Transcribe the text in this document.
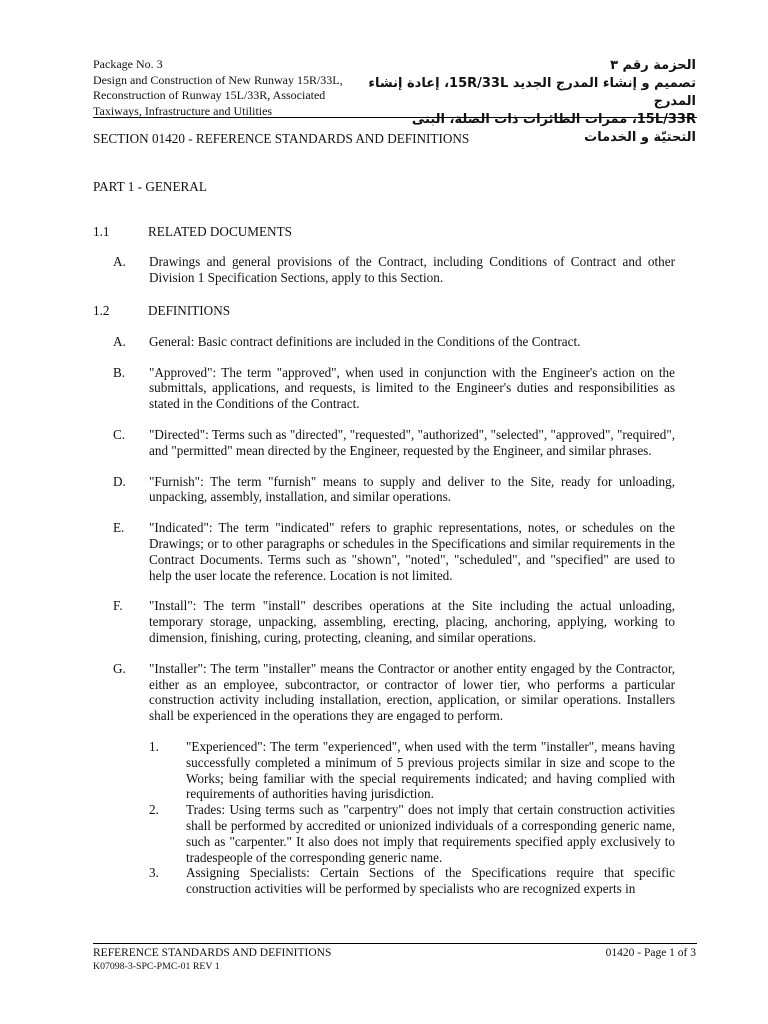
Package No. 3
Design and Construction of New Runway 15R/33L,
Reconstruction of Runway 15L/33R, Associated
Taxiways, Infrastructure and Utilities
الحزمة رقم ٣
تصميم و إنشاء المدرج الجديد 15R/33L، إعادة إنشاء المدرج
15L/33R، ممرات الطائرات ذات الصلة، البنى التحتيّة و الخدمات
SECTION 01420 - REFERENCE STANDARDS AND DEFINITIONS
PART 1 - GENERAL
1.1	RELATED DOCUMENTS
A.	Drawings and general provisions of the Contract, including Conditions of Contract and other Division 1 Specification Sections, apply to this Section.
1.2	DEFINITIONS
A.	General: Basic contract definitions are included in the Conditions of the Contract.
B.	"Approved": The term "approved", when used in conjunction with the Engineer's action on the submittals, applications, and requests, is limited to the Engineer's duties and responsibilities as stated in the Conditions of the Contract.
C.	"Directed": Terms such as "directed", "requested", "authorized", "selected", "approved", "required", and "permitted" mean directed by the Engineer, requested by the Engineer, and similar phrases.
D.	"Furnish": The term "furnish" means to supply and deliver to the Site, ready for unloading, unpacking, assembly, installation, and similar operations.
E.	"Indicated": The term "indicated" refers to graphic representations, notes, or schedules on the Drawings; or to other paragraphs or schedules in the Specifications and similar requirements in the Contract Documents. Terms such as "shown", "noted", "scheduled", and "specified" are used to help the user locate the reference. Location is not limited.
F.	"Install": The term "install" describes operations at the Site including the actual unloading, temporary storage, unpacking, assembling, erecting, placing, anchoring, applying, working to dimension, finishing, curing, protecting, cleaning, and similar operations.
G.	"Installer": The term "installer" means the Contractor or another entity engaged by the Contractor, either as an employee, subcontractor, or contractor of lower tier, who performs a particular construction activity including installation, erection, application, or similar operations. Installers shall be experienced in the operations they are engaged to perform.
1.	"Experienced": The term "experienced", when used with the term "installer", means having successfully completed a minimum of 5 previous projects similar in size and scope to the Works; being familiar with the special requirements indicated; and having complied with requirements of authorities having jurisdiction.
2.	Trades: Using terms such as "carpentry" does not imply that certain construction activities shall be performed by accredited or unionized individuals of a corresponding generic name, such as "carpenter." It also does not imply that requirements specified apply exclusively to tradespeople of the corresponding generic name.
3.	Assigning Specialists: Certain Sections of the Specifications require that specific construction activities will be performed by specialists who are recognized experts in
REFERENCE STANDARDS AND DEFINITIONS
K07098-3-SPC-PMC-01 REV 1
01420 - Page 1 of 3
